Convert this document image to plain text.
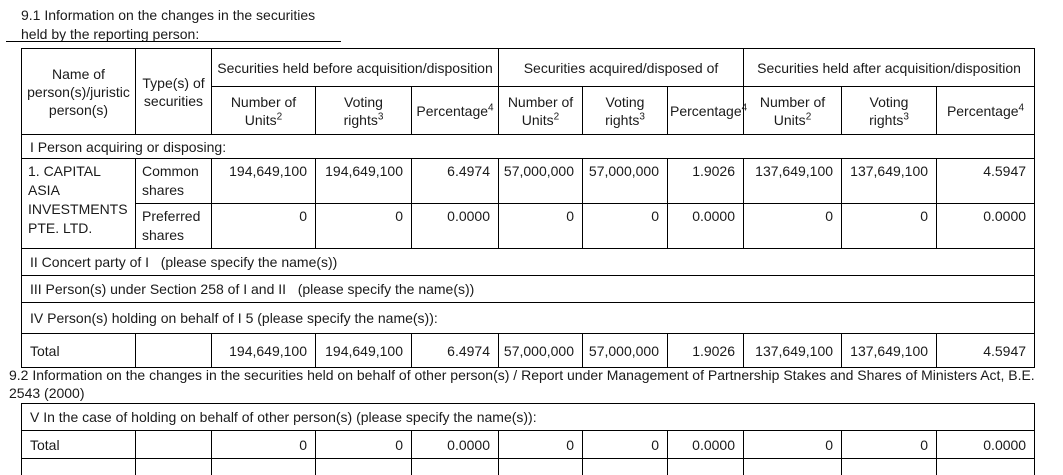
9.1 Information on the changes in the securities
held by the reporting person:
Name of person(s)/juristic person(s)	Type(s) of securities	Securities held before acquisition/disposition			Securities acquired/disposed of			Securities held after acquisition/disposition		

		Number of Units$^2$	Voting rights$^3$	Percentage$^4$	Number of Units$^2$	Voting rights$^3$	Percentage$^4$	Number of Units$^2$	Voting rights$^3$	Percentage$^4$
I Person acquiring or disposing:										
1. CAPITAL ASIA INVESTMENTS PTE. LTD.	Common shares	194,649,100	194,649,100	6.4974	57,000,000	57,000,000	1.9026	137,649,100	137,649,100	4.5947
	Preferred shares	0	0	0.0000	0	0	0.0000	0	0	0.0000
II Concert party of I   (please specify the name(s))										
III Person(s) under Section 258 of I and II   (please specify the name(s))										
IV Person(s) holding on behalf of I 5 (please specify the name(s)):										
Total		194,649,100	194,649,100	6.4974	57,000,000	57,000,000	1.9026	137,649,100	137,649,100	4.5947
9.2 Information on the changes in the securities held on behalf of other person(s) / Report under Management of Partnership Stakes and Shares of Ministers Act, B.E. 2543 (2000)
V In the case of holding on behalf of other person(s) (please specify the name(s)):										
Total		0	0	0.0000	0	0	0.0000	0	0	0.0000
